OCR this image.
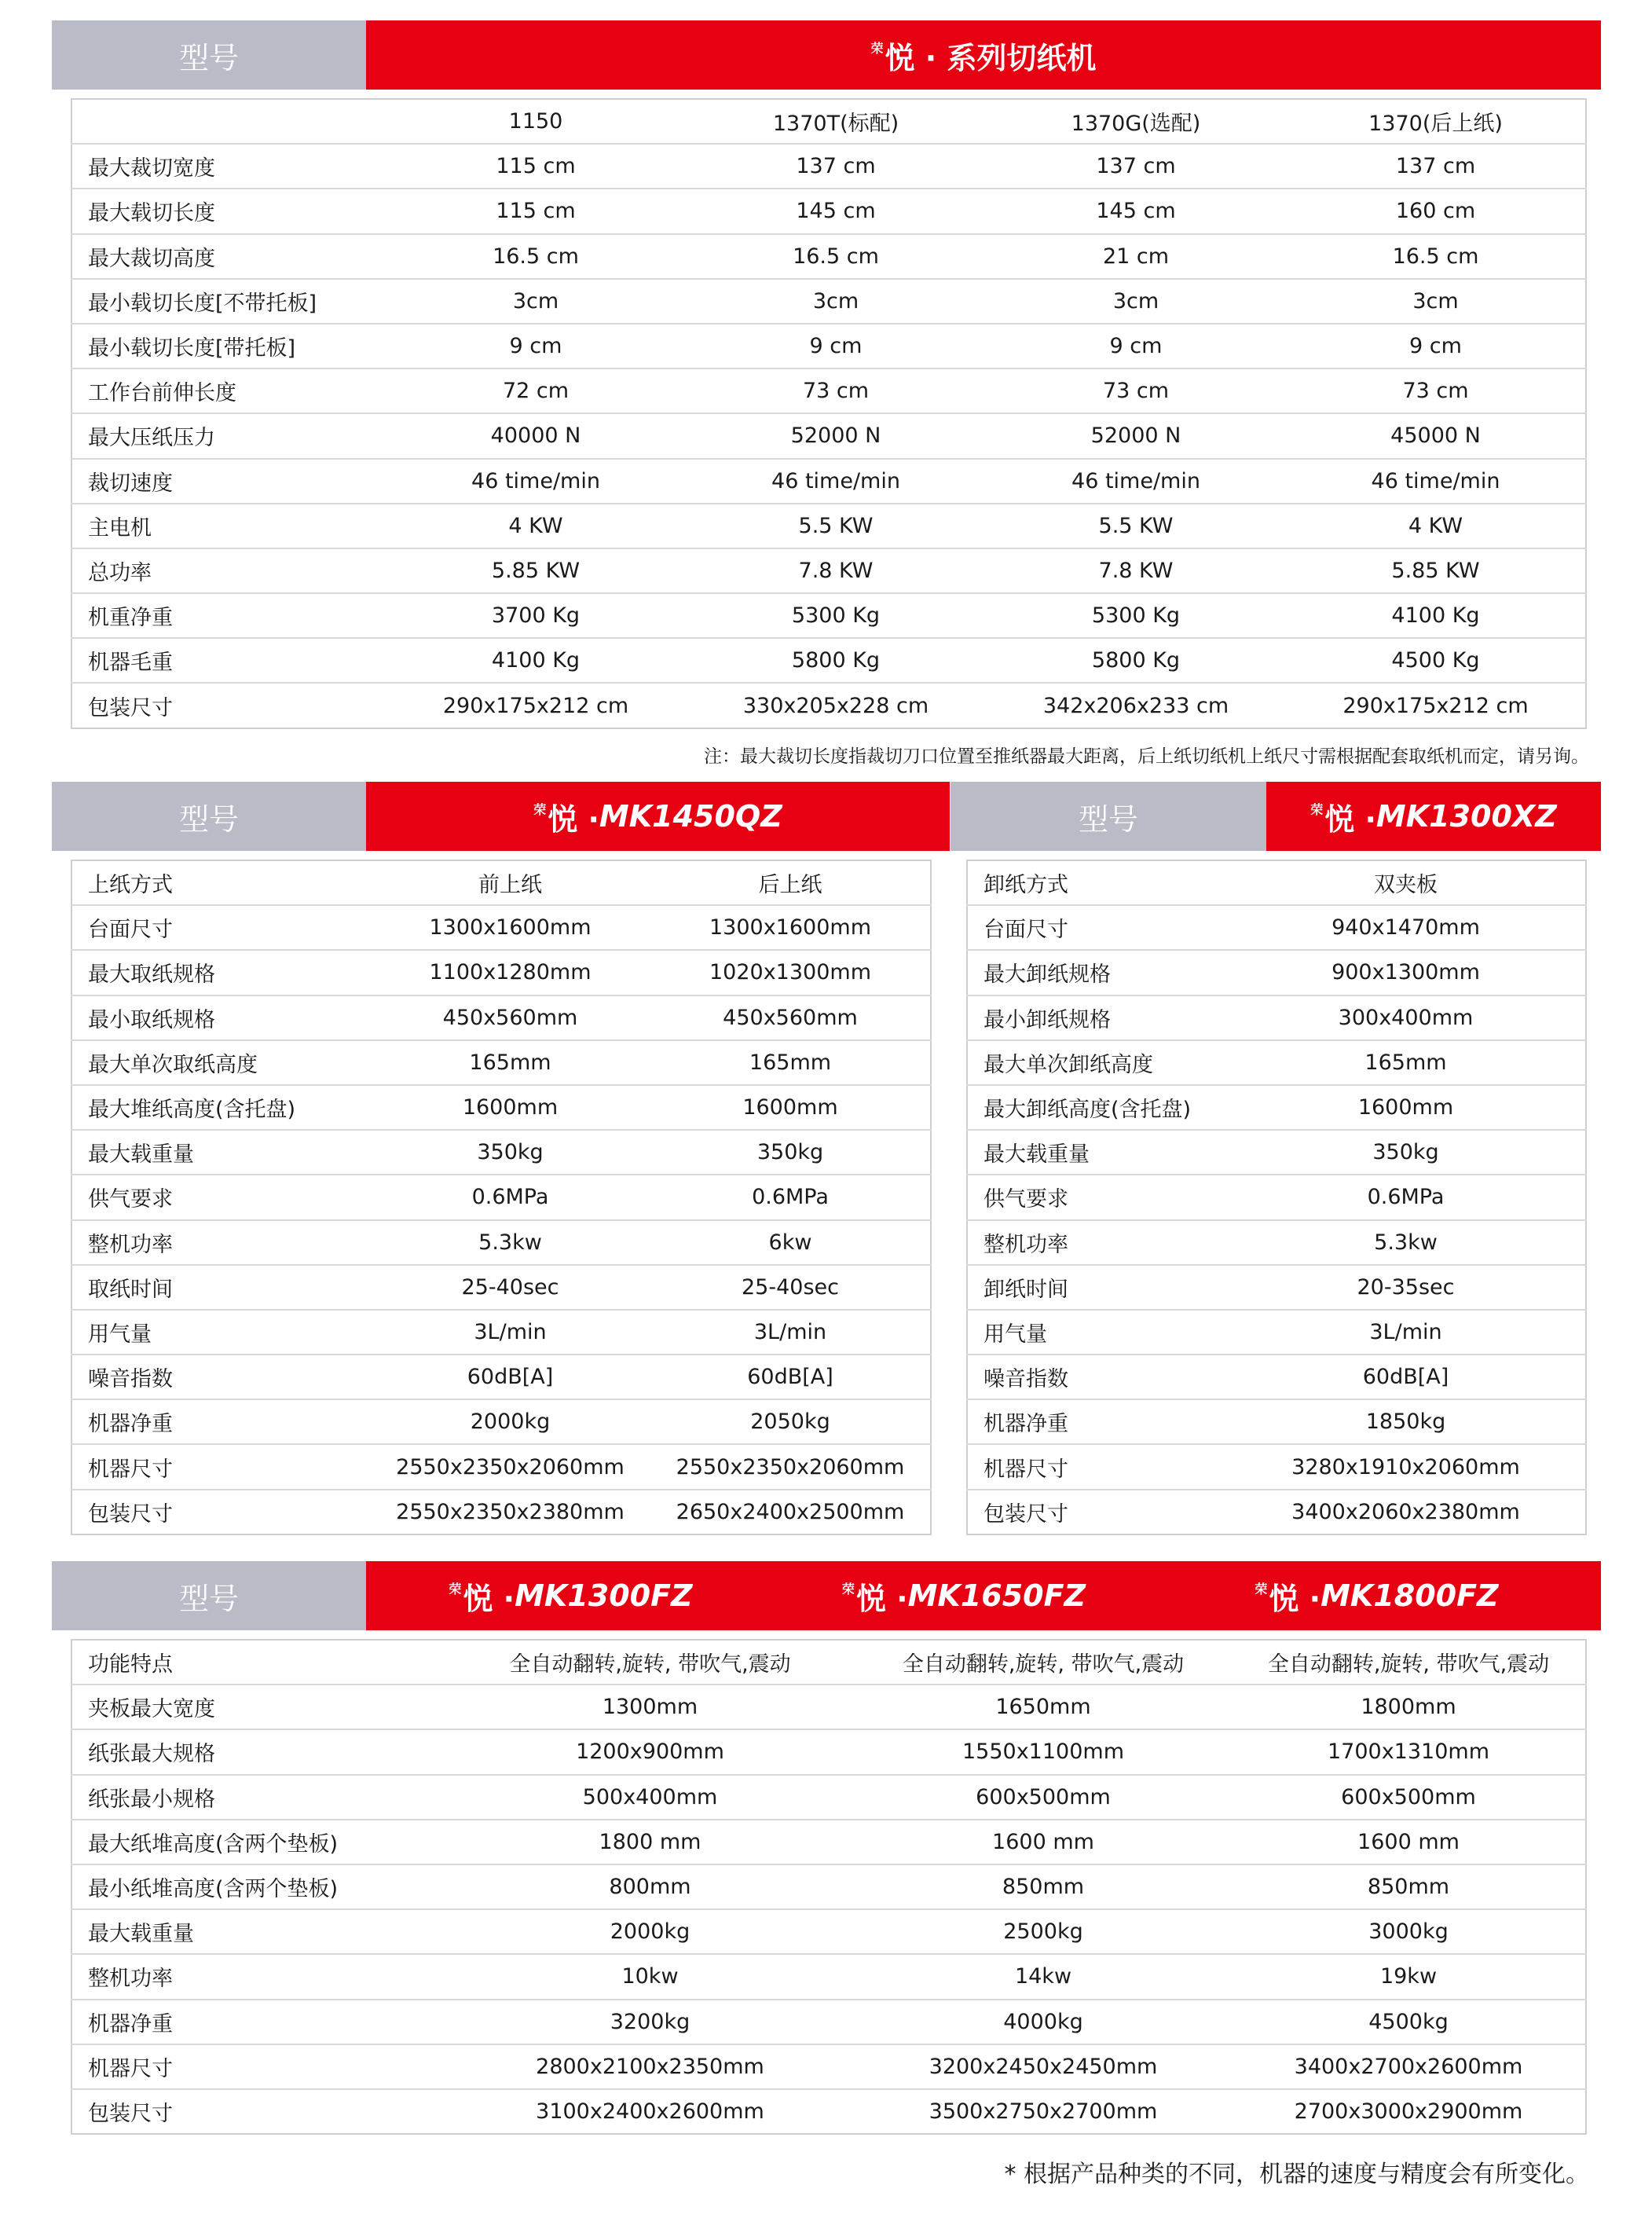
型号	荣 悦 · 系列切纸机
	1150	1370T(标配)	1370G(选配)	1370(后上纸)
最大裁切宽度	115 cm	137 cm	137 cm	137 cm
最大载切长度	115 cm	145 cm	145 cm	160 cm
最大裁切高度	16.5 cm	16.5 cm	21 cm	16.5 cm
最小载切长度[不带托板]	3cm	3cm	3cm	3cm
最小载切长度[带托板]	9 cm	9 cm	9 cm	9 cm
工作台前伸长度	72 cm	73 cm	73 cm	73 cm
最大压纸压力	40000 N	52000 N	52000 N	45000 N
裁切速度	46 time/min	46 time/min	46 time/min	46 time/min
主电机	4 KW	5.5 KW	5.5 KW	4 KW
总功率	5.85 KW	7.8 KW	7.8 KW	5.85 KW
机重净重	3700 Kg	5300 Kg	5300 Kg	4100 Kg
机器毛重	4100 Kg	5800 Kg	5800 Kg	4500 Kg
包装尺寸	290x175x212 cm	330x205x228 cm	342x206x233 cm	290x175x212 cm
注：最大裁切长度指裁切刀口位置至推纸器最大距离，后上纸切纸机上纸尺寸需根据配套取纸机而定，请另询。
型号	荣 悦 · MK1450QZ
上纸方式	前上纸	后上纸
台面尺寸	1300x1600mm	1300x1600mm
最大取纸规格	1100x1280mm	1020x1300mm
最小取纸规格	450x560mm	450x560mm
最大单次取纸高度	165mm	165mm
最大堆纸高度(含托盘)	1600mm	1600mm
最大载重量	350kg	350kg
供气要求	0.6MPa	0.6MPa
整机功率	5.3kw	6kw
取纸时间	25-40sec	25-40sec
用气量	3L/min	3L/min
噪音指数	60dB[A]	60dB[A]
机器净重	2000kg	2050kg
机器尺寸	2550x2350x2060mm	2550x2350x2060mm
包装尺寸	2550x2350x2380mm	2650x2400x2500mm
型号	荣 悦 · MK1300XZ
卸纸方式	双夹板
台面尺寸	940x1470mm
最大卸纸规格	900x1300mm
最小卸纸规格	300x400mm
最大单次卸纸高度	165mm
最大卸纸高度(含托盘)	1600mm
最大载重量	350kg
供气要求	0.6MPa
整机功率	5.3kw
卸纸时间	20-35sec
用气量	3L/min
噪音指数	60dB[A]
机器净重	1850kg
机器尺寸	3280x1910x2060mm
包装尺寸	3400x2060x2380mm
型号	荣 悦 · MK1300FZ	荣 悦 · MK1650FZ	荣 悦 · MK1800FZ
功能特点	全自动翻转,旋转, 带吹气,震动	全自动翻转,旋转, 带吹气,震动	全自动翻转,旋转, 带吹气,震动
夹板最大宽度	1300mm	1650mm	1800mm
纸张最大规格	1200x900mm	1550x1100mm	1700x1310mm
纸张最小规格	500x400mm	600x500mm	600x500mm
最大纸堆高度(含两个垫板)	1800 mm	1600 mm	1600 mm
最小纸堆高度(含两个垫板)	800mm	850mm	850mm
最大载重量	2000kg	2500kg	3000kg
整机功率	10kw	14kw	19kw
机器净重	3200kg	4000kg	4500kg
机器尺寸	2800x2100x2350mm	3200x2450x2450mm	3400x2700x2600mm
包装尺寸	3100x2400x2600mm	3500x2750x2700mm	2700x3000x2900mm
* 根据产品种类的不同，机器的速度与精度会有所变化。
